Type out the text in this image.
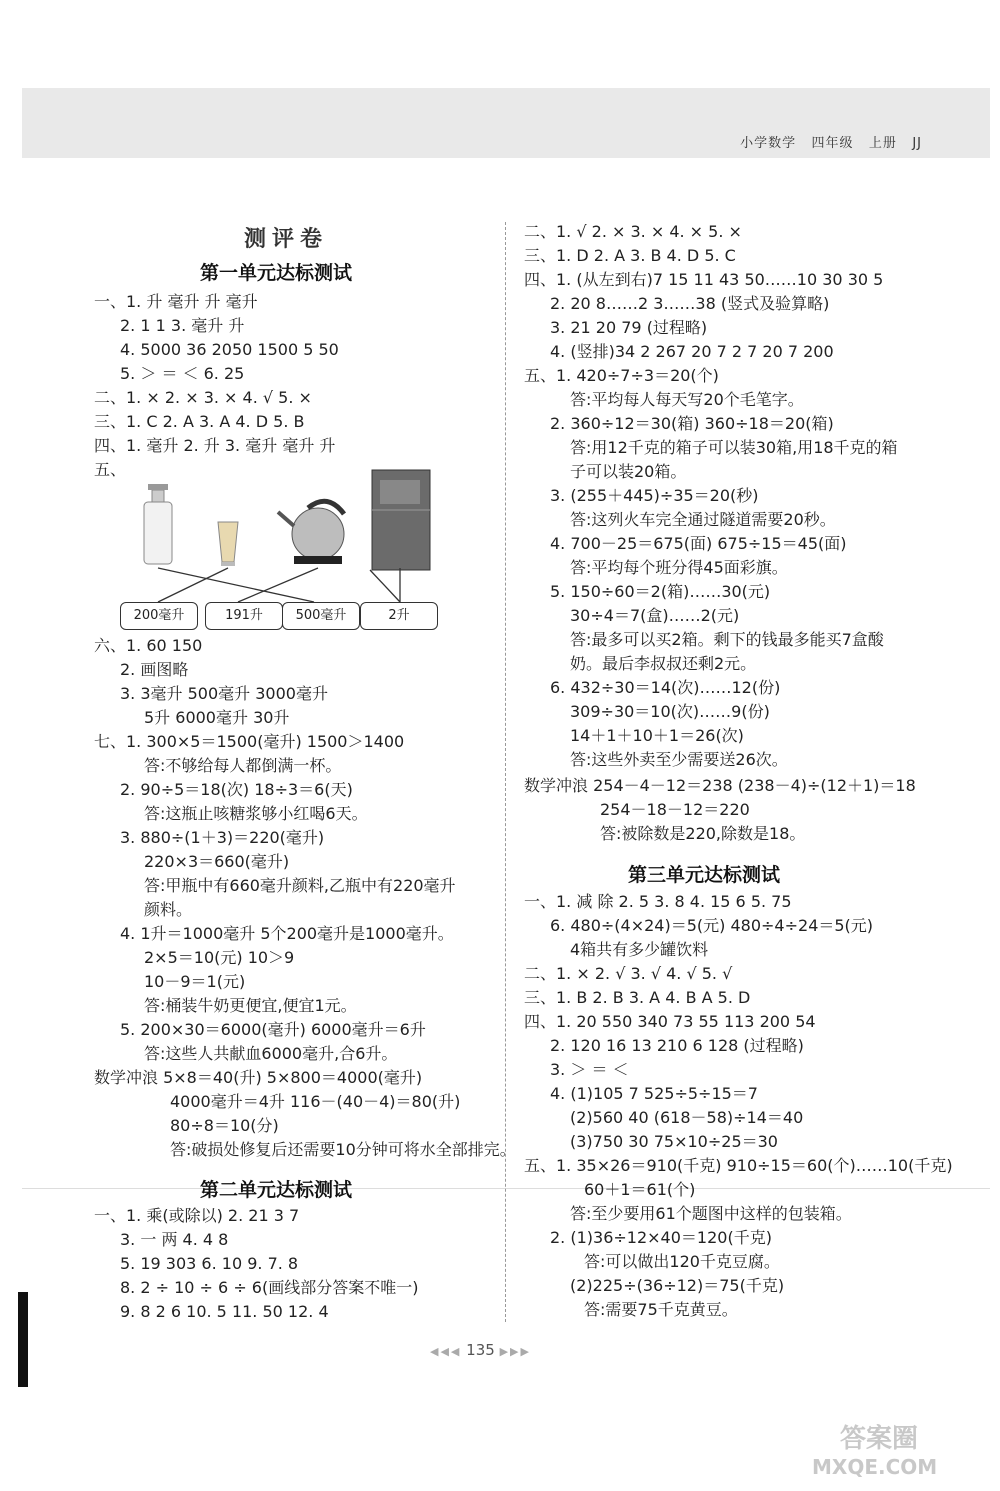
小学数学 四年级 上册 JJ
测评卷
第一单元达标测试
一、1. 升 毫升 升 毫升
2. 1 1 3. 毫升 升
4. 5000 36 2050 1500 5 50
5. ＞ ＝ ＜ 6. 25
二、1. × 2. × 3. × 4. √ 5. ×
三、1. C 2. A 3. A 4. D 5. B
四、1. 毫升 2. 升 3. 毫升 毫升 升
五、
200毫升	191升	500毫升	2升
六、1. 60 150
2. 画图略
3. 3毫升 500毫升 3000毫升
5升 6000毫升 30升
七、1. 300×5＝1500(毫升) 1500＞1400
答:不够给每人都倒满一杯。
2. 90÷5＝18(次) 18÷3＝6(天)
答:这瓶止咳糖浆够小红喝6天。
3. 880÷(1＋3)＝220(毫升)
220×3＝660(毫升)
答:甲瓶中有660毫升颜料,乙瓶中有220毫升
颜料。
4. 1升＝1000毫升 5个200毫升是1000毫升。
2×5＝10(元) 10＞9
10－9＝1(元)
答:桶装牛奶更便宜,便宜1元。
5. 200×30＝6000(毫升) 6000毫升＝6升
答:这些人共献血6000毫升,合6升。
数学冲浪 5×8＝40(升) 5×800＝4000(毫升)
4000毫升＝4升 116－(40－4)＝80(升)
80÷8＝10(分)
答:破损处修复后还需要10分钟可将水全部排完。
第二单元达标测试
一、1. 乘(或除以) 2. 21 3 7
3. 一 两 4. 4 8
5. 19 303 6. 10 9. 7. 8
8. 2 ÷ 10 ÷ 6 ÷ 6(画线部分答案不唯一)
9. 8 2 6 10. 5 11. 50 12. 4
二、1. √ 2. × 3. × 4. × 5. ×
三、1. D 2. A 3. B 4. D 5. C
四、1. (从左到右)7 15 11 43 50……10 30 30 5
2. 20 8……2 3……38 (竖式及验算略)
3. 21 20 79 (过程略)
4. (竖排)34 2 267 20 7 2 7 20 7 200
五、1. 420÷7÷3＝20(个)
答:平均每人每天写20个毛笔字。
2. 360÷12＝30(箱) 360÷18＝20(箱)
答:用12千克的箱子可以装30箱,用18千克的箱
子可以装20箱。
3. (255＋445)÷35＝20(秒)
答:这列火车完全通过隧道需要20秒。
4. 700－25＝675(面) 675÷15＝45(面)
答:平均每个班分得45面彩旗。
5. 150÷60＝2(箱)……30(元)
30÷4＝7(盒)……2(元)
答:最多可以买2箱。剩下的钱最多能买7盒酸
奶。最后李叔叔还剩2元。
6. 432÷30＝14(次)……12(份)
309÷30＝10(次)……9(份)
14＋1＋10＋1＝26(次)
答:这些外卖至少需要送26次。
数学冲浪 254－4－12＝238 (238－4)÷(12＋1)＝18
254－18－12＝220
答:被除数是220,除数是18。
第三单元达标测试
一、1. 减 除 2. 5 3. 8 4. 15 6 5. 75
6. 480÷(4×24)＝5(元) 480÷4÷24＝5(元)
4箱共有多少罐饮料
二、1. × 2. √ 3. √ 4. √ 5. √
三、1. B 2. B 3. A 4. B A 5. D
四、1. 20 550 340 73 55 113 200 54
2. 120 16 13 210 6 128 (过程略)
3. ＞ ＝ ＜
4. (1)105 7 525÷5÷15＝7
(2)560 40 (618－58)÷14＝40
(3)750 30 75×10÷25＝30
五、1. 35×26＝910(千克) 910÷15＝60(个)……10(千克)
60＋1＝61(个)
答:至少要用61个题图中这样的包装箱。
2. (1)36÷12×40＝120(千克)
答:可以做出120千克豆腐。
(2)225÷(36÷12)＝75(千克)
答:需要75千克黄豆。
◀◀◀ 135 ▶▶▶
答案圈
MXQE.COM
